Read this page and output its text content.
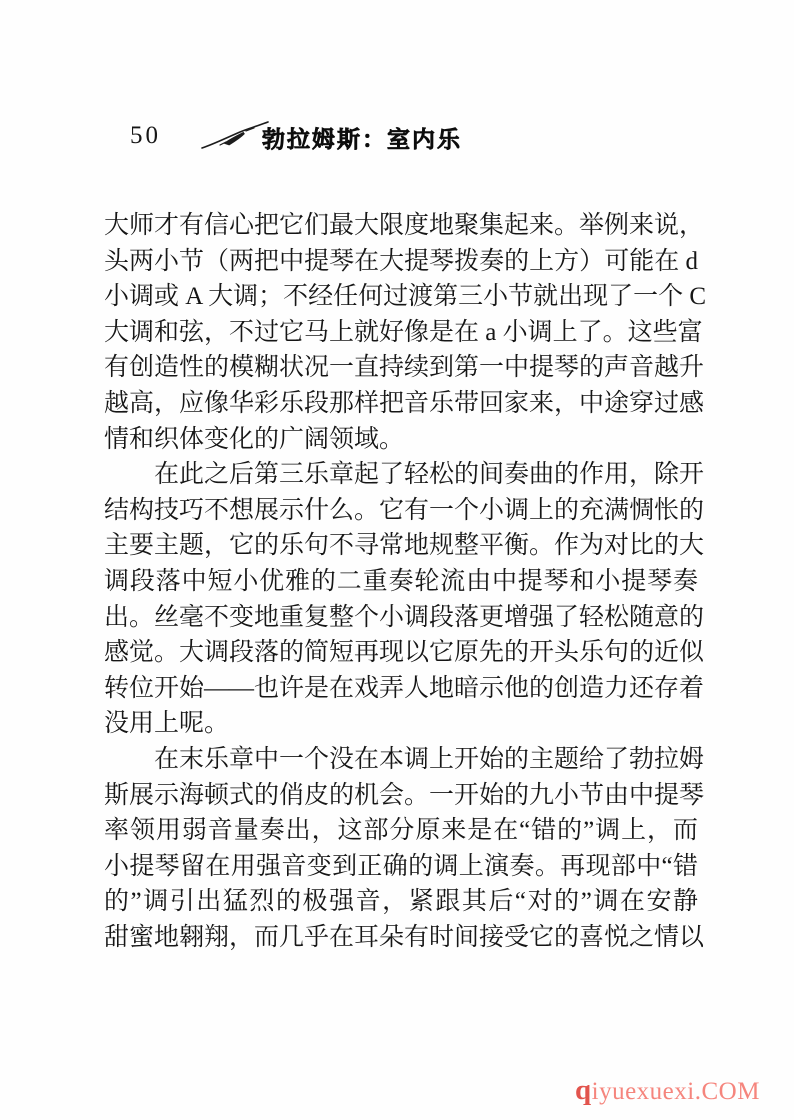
50	勃拉姆斯：室内乐
大师才有信心把它们最大限度地聚集起来。举例来说，
头两小节（两把中提琴在大提琴拨奏的上方）可能在 d
小调或 A 大调；不经任何过渡第三小节就出现了一个 C
大调和弦，不过它马上就好像是在 a 小调上了。这些富
有创造性的模糊状况一直持续到第一中提琴的声音越升
越高，应像华彩乐段那样把音乐带回家来，中途穿过感
情和织体变化的广阔领域。
在此之后第三乐章起了轻松的间奏曲的作用，除开
结构技巧不想展示什么。它有一个小调上的充满惆怅的
主要主题，它的乐句不寻常地规整平衡。作为对比的大
调段落中短小优雅的二重奏轮流由中提琴和小提琴奏
出。丝毫不变地重复整个小调段落更增强了轻松随意的
感觉。大调段落的简短再现以它原先的开头乐句的近似
转位开始——也许是在戏弄人地暗示他的创造力还存着
没用上呢。
在末乐章中一个没在本调上开始的主题给了勃拉姆
斯展示海顿式的俏皮的机会。一开始的九小节由中提琴
率领用弱音量奏出，这部分原来是在“错的”调上，而
小提琴留在用强音变到正确的调上演奏。再现部中“错
的”调引出猛烈的极强音，紧跟其后“对的”调在安静
甜蜜地翱翔，而几乎在耳朵有时间接受它的喜悦之情以
qiyuexuexi.COM
